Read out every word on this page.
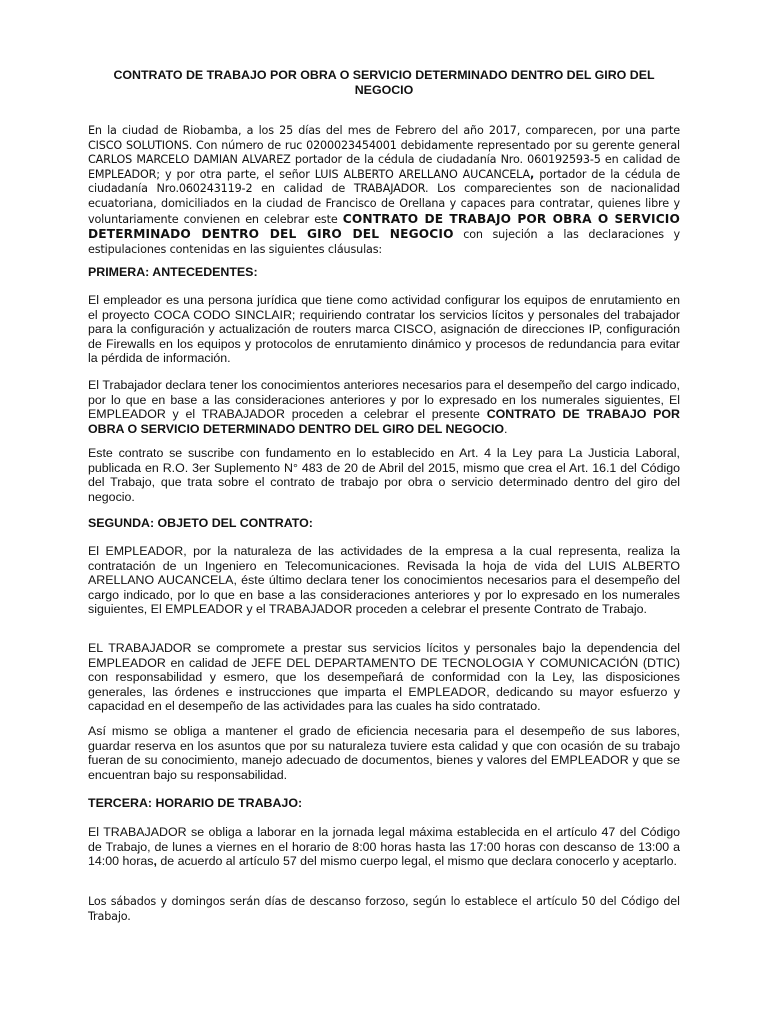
CONTRATO DE TRABAJO POR OBRA O SERVICIO DETERMINADO DENTRO DEL GIRO DEL NEGOCIO
En la ciudad de Riobamba, a los 25 días del mes de Febrero del año 2017, comparecen, por una parte CISCO SOLUTIONS. Con número de ruc 0200023454001 debidamente representado por su gerente general CARLOS MARCELO DAMIAN ALVAREZ portador de la cédula de ciudadanía Nro. 060192593-5 en calidad de EMPLEADOR; y por otra parte, el señor LUIS ALBERTO ARELLANO AUCANCELA, portador de la cédula de ciudadanía Nro.060243119-2 en calidad de TRABAJADOR. Los comparecientes son de nacionalidad ecuatoriana, domiciliados en la ciudad de Francisco de Orellana y capaces para contratar, quienes libre y voluntariamente convienen en celebrar este CONTRATO DE TRABAJO POR OBRA O SERVICIO DETERMINADO DENTRO DEL GIRO DEL NEGOCIO con sujeción a las declaraciones y estipulaciones contenidas en las siguientes cláusulas:
PRIMERA: ANTECEDENTES:
El empleador es una persona jurídica que tiene como actividad configurar los equipos de enrutamiento en el proyecto COCA CODO SINCLAIR; requiriendo contratar los servicios lícitos y personales del trabajador para la configuración y actualización de routers marca CISCO, asignación de direcciones IP, configuración de Firewalls en los equipos y protocolos de enrutamiento dinámico y procesos de redundancia para evitar la pérdida de información.
El Trabajador declara tener los conocimientos anteriores necesarios para el desempeño del cargo indicado, por lo que en base a las consideraciones anteriores y por lo expresado en los numerales siguientes, El EMPLEADOR y el TRABAJADOR proceden a celebrar el presente CONTRATO DE TRABAJO POR OBRA O SERVICIO DETERMINADO DENTRO DEL GIRO DEL NEGOCIO.
Este contrato se suscribe con fundamento en lo establecido en Art. 4 la Ley para La Justicia Laboral, publicada en R.O. 3er Suplemento N° 483 de 20 de Abril del 2015, mismo que crea el Art. 16.1 del Código del Trabajo, que trata sobre el contrato de trabajo por obra o servicio determinado dentro del giro del negocio.
SEGUNDA: OBJETO DEL CONTRATO:
El EMPLEADOR, por la naturaleza de las actividades de la empresa a la cual representa, realiza la contratación de un Ingeniero en Telecomunicaciones. Revisada la hoja de vida del LUIS ALBERTO ARELLANO AUCANCELA, éste último declara tener los conocimientos necesarios para el desempeño del cargo indicado, por lo que en base a las consideraciones anteriores y por lo expresado en los numerales siguientes, El EMPLEADOR y el TRABAJADOR proceden a celebrar el presente Contrato de Trabajo.
EL TRABAJADOR se compromete a prestar sus servicios lícitos y personales bajo la dependencia del EMPLEADOR en calidad de JEFE DEL DEPARTAMENTO DE TECNOLOGIA Y COMUNICACIÓN (DTIC) con responsabilidad y esmero, que los desempeñará de conformidad con la Ley, las disposiciones generales, las órdenes e instrucciones que imparta el EMPLEADOR, dedicando su mayor esfuerzo y capacidad en el desempeño de las actividades para las cuales ha sido contratado.
Así mismo se obliga a mantener el grado de eficiencia necesaria para el desempeño de sus labores, guardar reserva en los asuntos que por su naturaleza tuviere esta calidad y que con ocasión de su trabajo fueran de su conocimiento, manejo adecuado de documentos, bienes y valores del EMPLEADOR y que se encuentran bajo su responsabilidad.
TERCERA: HORARIO DE TRABAJO:
El TRABAJADOR se obliga a laborar en la jornada legal máxima establecida en el artículo 47 del Código de Trabajo, de lunes a viernes en el horario de 8:00 horas hasta las 17:00 horas con descanso de 13:00 a 14:00 horas, de acuerdo al artículo 57 del mismo cuerpo legal, el mismo que declara conocerlo y aceptarlo.
Los sábados y domingos serán días de descanso forzoso, según lo establece el artículo 50 del Código del Trabajo.
